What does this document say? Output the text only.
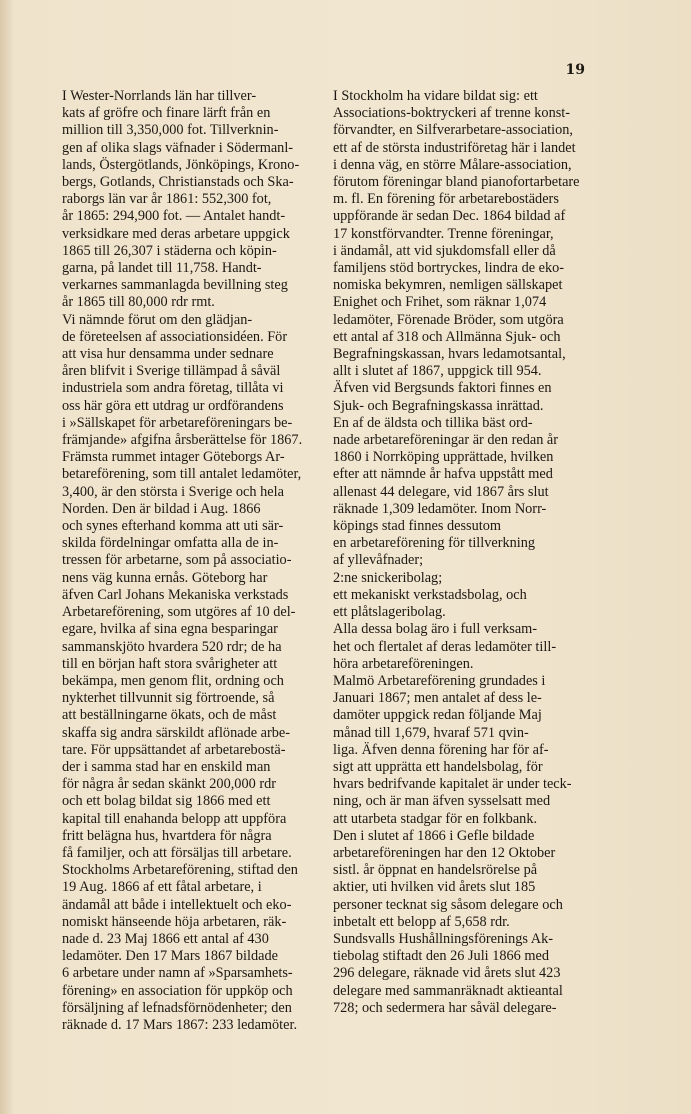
19
I Wester-Norrlands län har tillver-
kats af gröfre och finare lärft från en
million till 3,350,000 fot. Tillverknin-
gen af olika slags väfnader i Södermanl-
lands, Östergötlands, Jönköpings, Krono-
bergs, Gotlands, Christianstads och Ska-
raborgs län var år 1861: 552,300 fot,
år 1865: 294,900 fot. — Antalet handt-
verksidkare med deras arbetare uppgick
1865 till 26,307 i städerna och köpin-
garna, på landet till 11,758. Handt-
verkarnes sammanlagda bevillning steg
år 1865 till 80,000 rdr rmt.
Vi nämnde förut om den glädjan-
de företeelsen af associationsidéen. För
att visa hur densamma under sednare
åren blifvit i Sverige tillämpad å såväl
industriela som andra företag, tillåta vi
oss här göra ett utdrag ur ordförandens
i »Sällskapet för arbetareföreningars be-
främjande» afgifna årsberättelse för 1867.
Främsta rummet intager Göteborgs Ar-
betareförening, som till antalet ledamöter,
3,400, är den största i Sverige och hela
Norden. Den är bildad i Aug. 1866
och synes efterhand komma att uti sär-
skilda fördelningar omfatta alla de in-
tressen för arbetarne, som på associatio-
nens väg kunna ernås. Göteborg har
äfven Carl Johans Mekaniska verkstads
Arbetareförening, som utgöres af 10 del-
egare, hvilka af sina egna besparingar
sammanskjöto hvardera 520 rdr; de ha
till en början haft stora svårigheter att
bekämpa, men genom flit, ordning och
nykterhet tillvunnit sig förtroende, så
att beställningarne ökats, och de måst
skaffa sig andra särskildt aflönade arbe-
tare. För uppsättandet af arbetarebostä-
der i samma stad har en enskild man
för några år sedan skänkt 200,000 rdr
och ett bolag bildat sig 1866 med ett
kapital till enahanda belopp att uppföra
fritt belägna hus, hvartdera för några
få familjer, och att försäljas till arbetare.
Stockholms Arbetareförening, stiftad den
19 Aug. 1866 af ett fåtal arbetare, i
ändamål att både i intellektuelt och eko-
nomiskt hänseende höja arbetaren, räk-
nade d. 23 Maj 1866 ett antal af 430
ledamöter. Den 17 Mars 1867 bildade
6 arbetare under namn af »Sparsamhets-
förening» en association för uppköp och
försäljning af lefnadsförnödenheter; den
räknade d. 17 Mars 1867: 233 ledamöter.
I Stockholm ha vidare bildat sig: ett
Associations-boktryckeri af trenne konst-
förvandter, en Silfverarbetare-association,
ett af de största industriföretag här i landet
i denna väg, en större Målare-association,
förutom föreningar bland pianofortarbetare
m. fl. En förening för arbetarebostäders
uppförande är sedan Dec. 1864 bildad af
17 konstförvandter. Trenne föreningar,
i ändamål, att vid sjukdomsfall eller då
familjens stöd bortryckes, lindra de eko-
nomiska bekymren, nemligen sällskapet
Enighet och Frihet, som räknar 1,074
ledamöter, Förenade Bröder, som utgöra
ett antal af 318 och Allmänna Sjuk- och
Begrafningskassan, hvars ledamotsantal,
allt i slutet af 1867, uppgick till 954.
Äfven vid Bergsunds faktori finnes en
Sjuk- och Begrafningskassa inrättad.
En af de äldsta och tillika bäst ord-
nade arbetareföreningar är den redan år
1860 i Norrköping upprättade, hvilken
efter att nämnde år hafva uppstått med
allenast 44 delegare, vid 1867 års slut
räknade 1,309 ledamöter. Inom Norr-
köpings stad finnes dessutom
en arbetareförening för tillverkning
af yllevåfnader;
2:ne snickeribolag;
ett mekaniskt verkstadsbolag, och
ett plåtslageribolag.
Alla dessa bolag äro i full verksam-
het och flertalet af deras ledamöter till-
höra arbetareföreningen.
Malmö Arbetareförening grundades i
Januari 1867; men antalet af dess le-
damöter uppgick redan följande Maj
månad till 1,679, hvaraf 571 qvin-
liga. Äfven denna förening har för af-
sigt att upprätta ett handelsbolag, för
hvars bedrifvande kapitalet är under teck-
ning, och är man äfven sysselsatt med
att utarbeta stadgar för en folkbank.
Den i slutet af 1866 i Gefle bildade
arbetareföreningen har den 12 Oktober
sistl. år öppnat en handelsrörelse på
aktier, uti hvilken vid årets slut 185
personer tecknat sig såsom delegare och
inbetalt ett belopp af 5,658 rdr.
Sundsvalls Hushållningsförenings Ak-
tiebolag stiftadt den 26 Juli 1866 med
296 delegare, räknade vid årets slut 423
delegare med sammanräknadt aktieantal
728; och sedermera har såväl delegare-
